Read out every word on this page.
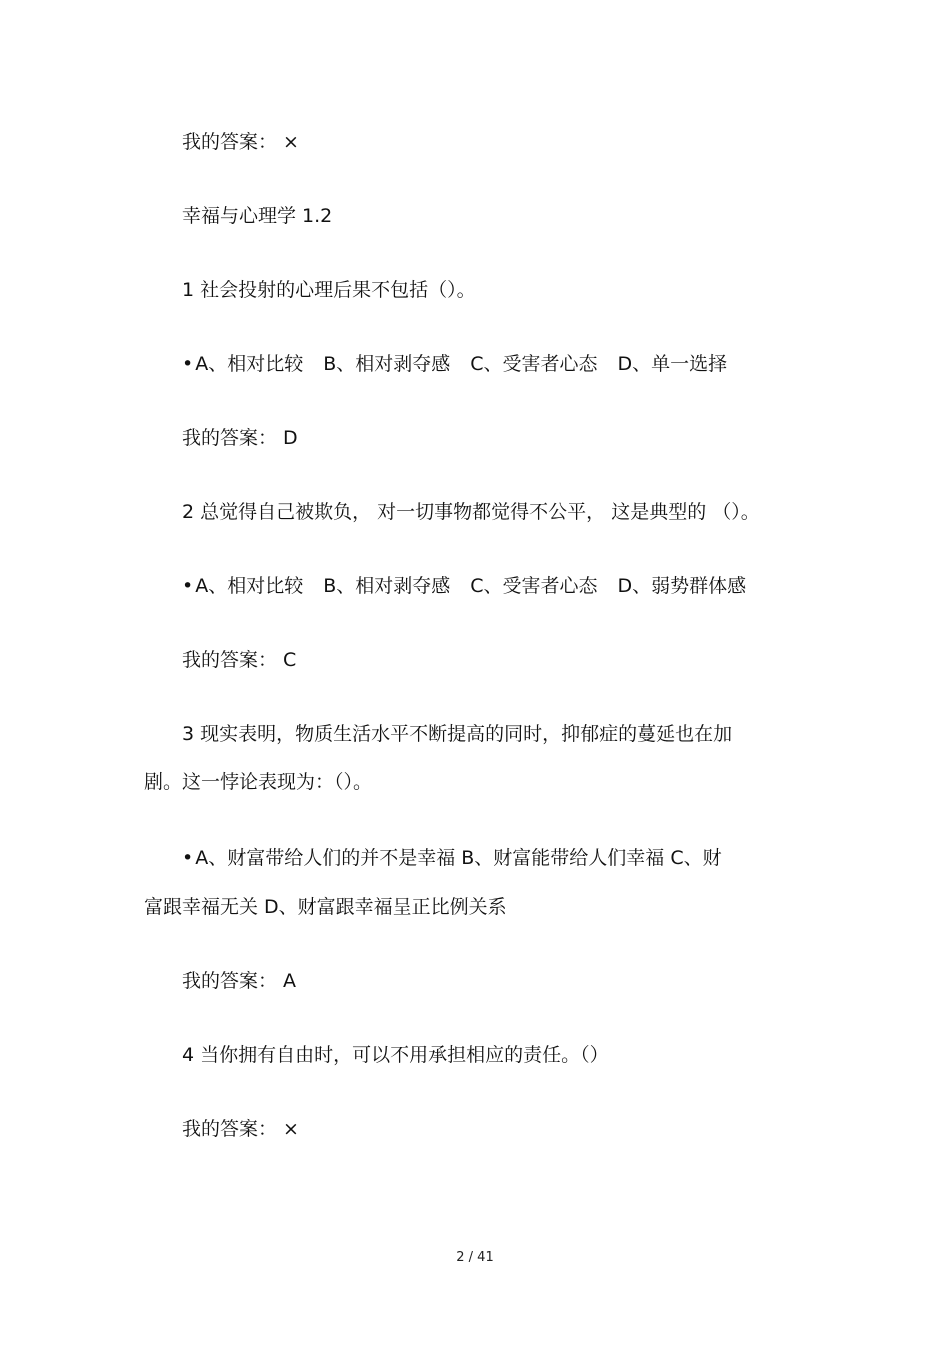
我的答案： ×

幸福与心理学 1.2

1 社会投射的心理后果不包括（）。

• A、相对比较 B、相对剥夺感 C、受害者心态 D、单一选择

我的答案： D

2 总觉得自己被欺负， 对一切事物都觉得不公平， 这是典型的 （）。

• A、相对比较 B、相对剥夺感 C、受害者心态 D、弱势群体感

我的答案： C

3 现实表明，物质生活水平不断提高的同时，抑郁症的蔓延也在加

剧。这一悖论表现为：（）。

• A、财富带给人们的并不是幸福 B、财富能带给人们幸福 C、财

富跟幸福无关 D、财富跟幸福呈正比例关系

我的答案： A

4 当你拥有自由时，可以不用承担相应的责任。（）

我的答案： ×

2 / 41
